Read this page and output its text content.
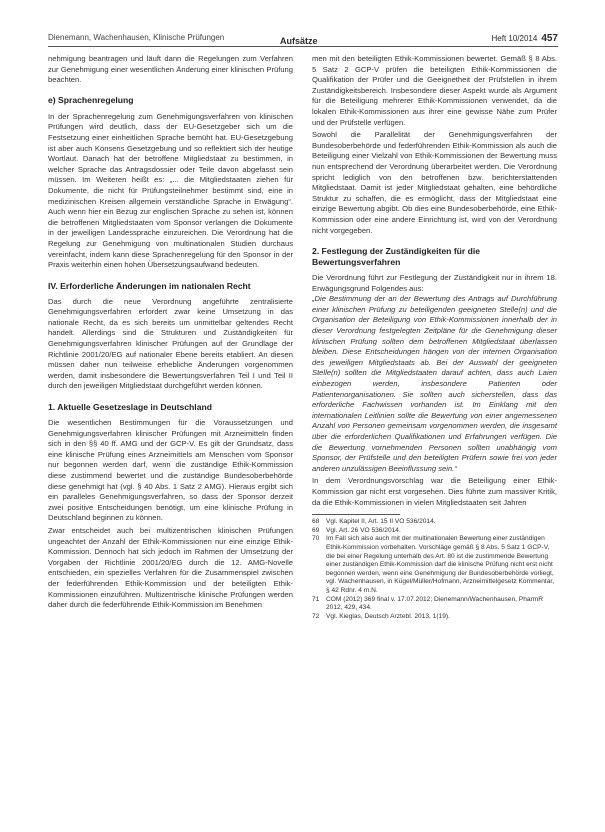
Dienemann, Wachenhausen, Klinische Prüfungen	Aufsätze	Heft 10/2014 457

nehmigung beantragen und läuft dann die Regelungen zum Verfahren zur Genehmigung einer wesentlichen Änderung einer klinischen Prüfung beachten.

e) Sprachenregelung

In der Sprachenregelung zum Genehmigungsverfahren von klinischen Prüfungen wird deutlich, dass der EU-Gesetzgeber sich um die Festsetzung einer einheitlichen Sprache bemüht hat. EU-Gesetzgebung ist aber auch Konsens Gesetzgebung und so reflektiert sich der heutige Wortlaut. Danach hat der betroffene Mitgliedstaat zu bestimmen, in welcher Sprache das Antragsdossier oder Teile davon abgefasst sein müssen. Im Weiteren heißt es: „... die Mitgliedstaaten ziehen für Dokumente, die nicht für Prüfungsteilnehmer bestimmt sind, eine in medizinischen Kreisen allgemein verständliche Sprache in Erwägung“. Auch wenn hier ein Bezug zur englischen Sprache zu sehen ist, können die betroffenen Mitgliedstaaten vom Sponsor verlangen die Dokumente in der jeweiligen Landessprache einzureichen. Die Verordnung hat die Regelung zur Genehmigung von multinationalen Studien durchaus vereinfacht, indem kann diese Sprachenregelung für den Sponsor in der Praxis weiterhin einen hohen Übersetzungsaufwand bedeuten.

IV. Erforderliche Änderungen im nationalen Recht

Das durch die neue Verordnung angeführte zentralisierte Genehmigungsverfahren erfordert zwar keine Umsetzung in das nationale Recht, da es sich bereits um unmittelbar geltendes Recht handelt. Allerdings sind die Strukturen und Zuständigkeiten für Genehmigungsverfahren klinischer Prüfungen auf der Grundlage der Richtlinie 2001/20/EG auf nationaler Ebene bereits etabliert. An diesen müssen daher nun teilweise erhebliche Änderungen vorgenommen werden, damit insbesondere die Bewertungsverfahren Teil I und Teil II durch den jeweiligen Mitgliedstaat durchgeführt werden können.

1. Aktuelle Gesetzeslage in Deutschland

Die wesentlichen Bestimmungen für die Voraussetzungen und Genehmigungsverfahren klinischer Prüfungen mit Arzneimitteln finden sich in den §§ 40 ff. AMG und der GCP-V. Es gilt der Grundsatz, dass eine klinische Prüfung eines Arzneimittels am Menschen vom Sponsor nur begonnen werden darf, wenn die zuständige Ethik-Kommission diese zustimmend bewertet und die zuständige Bundesoberbehörde diese genehmigt hat (vgl. § 40 Abs. 1 Satz 2 AMG). Hieraus ergibt sich ein paralleles Genehmigungsverfahren, so dass der Sponsor derzeit zwei positive Entscheidungen benötigt, um eine klinische Prüfung in Deutschland beginnen zu können.

Zwar entscheidet auch bei multizentrischen klinischen Prüfungen ungeachtet der Anzahl der Ethik-Kommissionen nur eine einzige Ethik-Kommission. Dennoch hat sich jedoch im Rahmen der Umsetzung der Vorgaben der Richtlinie 2001/20/EG durch die 12. AMG-Novelle entschieden, ein spezielles Verfahren für die Zusammenspiel zwischen der federführenden Ethik-Kommission und der beteiligten Ethik-Kommissionen einzuführen. Multizentrische klinische Prüfungen werden daher durch die federführende Ethik-Kommission im Benehmen

men mit den beteiligten Ethik-Kommissionen bewertet. Gemäß § 8 Abs. 5 Satz 2 GCP-V prüfen die beteiligten Ethik-Kommissionen die Qualifikation der Prüfer und die Geeignetheit der Prüfstellen in ihrem Zuständigkeitsbereich. Insbesondere dieser Aspekt wurde als Argument für die Beteiligung mehrerer Ethik-Kommissionen verwendet, da die lokalen Ethik-Kommissionen aus ihrer eine gewisse Nähe zum Prüfer und der Prüfstelle verfügen.

Sowohl die Parallelität der Genehmigungsverfahren der Bundesoberbehörde und federführenden Ethik-Kommission als auch die Beteiligung einer Vielzahl von Ethik-Kommissionen der Bewertung muss nun entsprechend der Verordnung überarbeitet werden. Die Verordnung spricht lediglich von den betroffenen bzw. berichterstattenden Mitgliedstaat. Damit ist jeder Mitgliedstaat gehalten, eine behördliche Struktur zu schaffen, die es ermöglicht, dass der Mitgliedstaat eine einzige Bewertung abgibt. Ob dies eine Bundesoberbehörde, eine Ethik-Kommission oder eine andere Einrichtung ist, wird von der Verordnung nicht vorgegeben.

2. Festlegung der Zuständigkeiten für die Bewertungsverfahren

Die Verordnung führt zur Festlegung der Zuständigkeit nur in ihrem 18. Erwägungsgrund Folgendes aus:

„Die Bestimmung der an der Bewertung des Antrags auf Durchführung einer klinischen Prüfung zu beteiligenden geeigneten Stelle(n) und die Organisation der Beteiligung von Ethik-Kommissionen innerhalb der in dieser Verordnung festgelegten Zeitpläne für die Genehmigung dieser klinischen Prüfung sollten dem betroffenen Mitgliedstaat überlassen bleiben. Diese Entscheidungen hängen von der internen Organisation des jeweiligen Mitgliedstaats ab. Bei der Auswahl der geeigneten Stelle(n) sollten die Mitgliedstaaten darauf achten, dass auch Laien einbezogen werden, insbesondere Patienten oder Patientenorganisationen. Sie sollten auch sicherstellen, dass das erforderliche Fachwissen vorhanden ist. Im Einklang mit den internationalen Leitlinien sollte die Bewertung von einer angemessenen Anzahl von Personen gemeinsam vorgenommen werden, die insgesamt über die erforderlichen Qualifikationen und Erfahrungen verfügen. Die die Bewertung vornehmenden Personen sollten unabhängig vom Sponsor, der Prüfstelle und den beteiligten Prüfern sowie frei von jeder anderen unzulässigen Beeinflussung sein.“

In dem Verordnungsvorschlag war die Beteiligung einer Ethik-Kommission gar nicht erst vorgesehen. Dies führte zum massiver Kritik, da die Ethik-Kommissionen in vielen Mitgliedstaaten seit Jahren

68	Vgl. Kapitel II, Art. 15 II VO 536/2014.
69	Vgl. Art. 26 VO 536/2014.
70	Im Fall sich also auch mit der multinationalen Bewertung einer zuständigen Ethik-Kommission vorbehalten. Vorschläge gemäß § 8 Abs. 5 Satz 1 GCP-V, die bei einer Regelung unterhalb des Art. 80 ist die zustimmende Bewertung einer zuständigen Ethik-Kommission darf die klinische Prüfung nicht erst nicht begonnen werden, wenn eine Genehmigung der Bundesoberbehörde vorliegt, vgl. Wachenhausen, in Kügel/Müller/Hofmann, Arzneimittelgesetz Kommentar, § 42 Rdnr. 4 m.N.
71	COM (2012) 369 final v. 17.07.2012; Dienemann/Wachenhausen, PharmR 2012, 429, 434.
72	Vgl. Kieglas, Deutsch Arztebl. 2013, 1(19).
